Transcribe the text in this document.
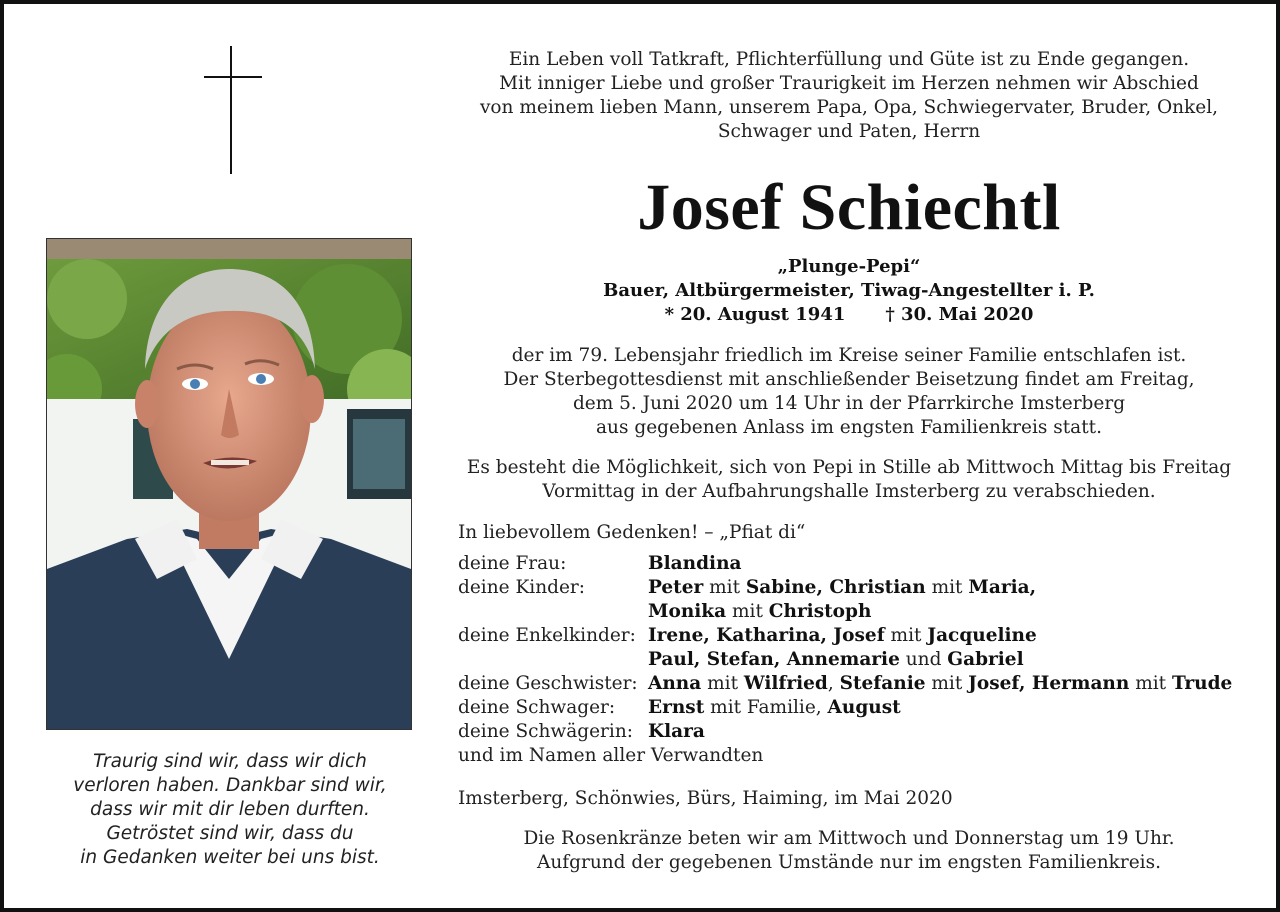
Traurig sind wir, dass wir dich
verloren haben. Dankbar sind wir,
dass wir mit dir leben durften.
Getröstet sind wir, dass du
in Gedanken weiter bei uns bist.
Ein Leben voll Tatkraft, Pflichterfüllung und Güte ist zu Ende gegangen.
Mit inniger Liebe und großer Traurigkeit im Herzen nehmen wir Abschied
von meinem lieben Mann, unserem Papa, Opa, Schwiegervater, Bruder, Onkel,
Schwager und Paten, Herrn
Josef Schiechtl
„Plunge-Pepi“
Bauer, Altbürgermeister, Tiwag-Angestellter i. P.
* 20. August 1941 † 30. Mai 2020
der im 79. Lebensjahr friedlich im Kreise seiner Familie entschlafen ist.
Der Sterbegottesdienst mit anschließender Beisetzung findet am Freitag,
dem 5. Juni 2020 um 14 Uhr in der Pfarrkirche Imsterberg
aus gegebenen Anlass im engsten Familienkreis statt.
Es besteht die Möglichkeit, sich von Pepi in Stille ab Mittwoch Mittag bis Freitag
Vormittag in der Aufbahrungshalle Imsterberg zu verabschieden.
In liebevollem Gedenken! – „Pfiat di“
deine Frau:	Blandina
deine Kinder:	Peter mit Sabine, Christian mit Maria,
Monika mit Christoph
deine Enkelkinder: Irene, Katharina, Josef mit Jacqueline
Paul, Stefan, Annemarie und Gabriel
deine Geschwister: Anna mit Wilfried, Stefanie mit Josef, Hermann mit Trude
deine Schwager:	Ernst mit Familie, August
deine Schwägerin: Klara
und im Namen aller Verwandten
Imsterberg, Schönwies, Bürs, Haiming, im Mai 2020
Die Rosenkränze beten wir am Mittwoch und Donnerstag um 19 Uhr.
Aufgrund der gegebenen Umstände nur im engsten Familienkreis.
